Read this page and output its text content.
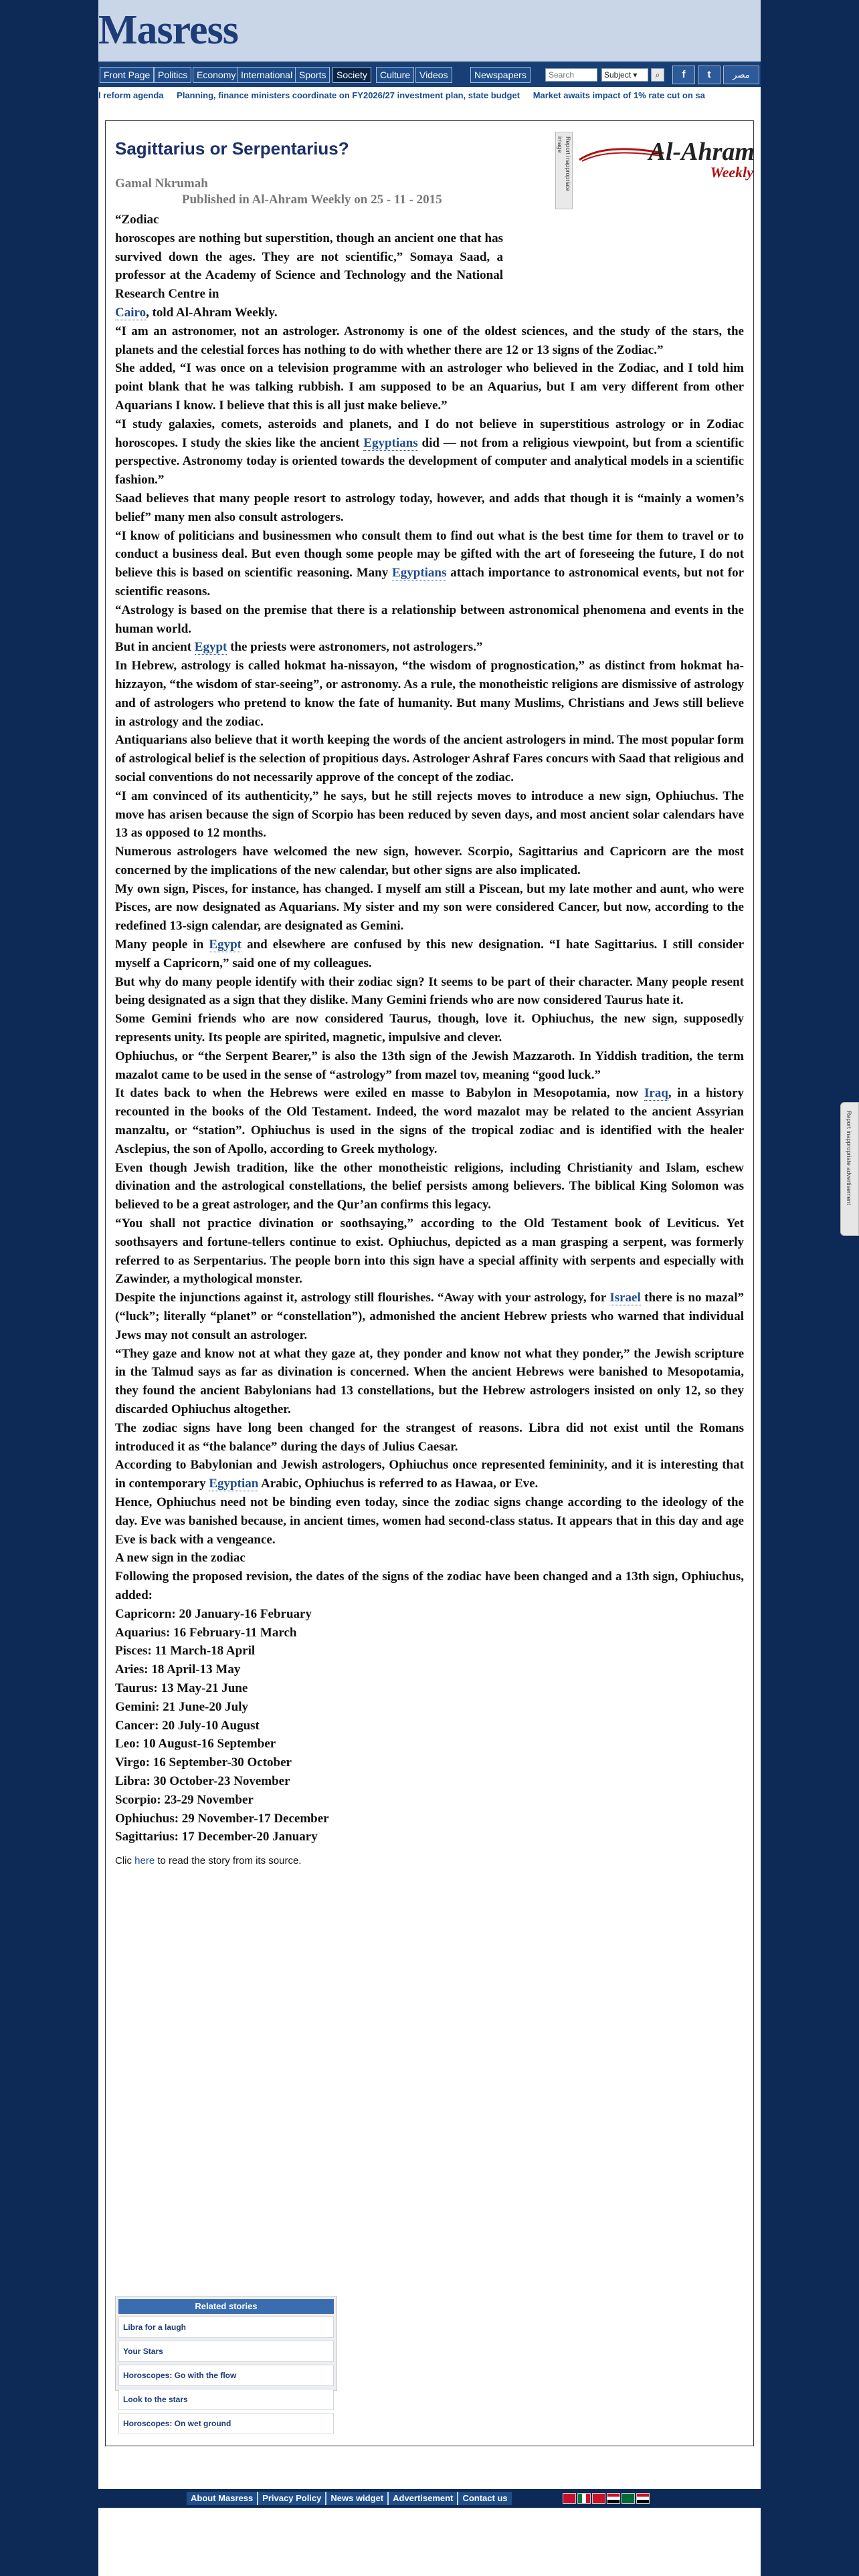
Masress
Front Page Politics Economy International Sports	Society	Culture Videos	Newspapers
Search	Subject ▾	⌕	f	t	مصر
l reform agenda Planning, finance ministers coordinate on FY2026/27 investment plan, state budget Market awaits impact of 1% rate cut on sa
Report inappropriate image	Al-Ahram
Weekly
Sagittarius or Serpentarius?
Gamal Nkrumah
Published in Al-Ahram Weekly on 25 - 11 - 2015

“Zodiac

horoscopes are nothing but superstition, though an ancient one that has survived down the ages. They are not scientific,” Somaya Saad, a professor at the Academy of Science and Technology and the National Research Centre in

Cairo, told Al-Ahram Weekly.

“I am an astronomer, not an astrologer. Astronomy is one of the oldest sciences, and the study of the stars, the planets and the celestial forces has nothing to do with whether there are 12 or 13 signs of the Zodiac.”

She added, “I was once on a television programme with an astrologer who believed in the Zodiac, and I told him point blank that he was talking rubbish. I am supposed to be an Aquarius, but I am very different from other Aquarians I know. I believe that this is all just make believe.”

“I study galaxies, comets, asteroids and planets, and I do not believe in superstitious astrology or in Zodiac horoscopes. I study the skies like the ancient Egyptians did — not from a religious viewpoint, but from a scientific perspective. Astronomy today is oriented towards the development of computer and analytical models in a scientific fashion.”

Saad believes that many people resort to astrology today, however, and adds that though it is “mainly a women’s belief” many men also consult astrologers.

“I know of politicians and businessmen who consult them to find out what is the best time for them to travel or to conduct a business deal. But even though some people may be gifted with the art of foreseeing the future, I do not believe this is based on scientific reasoning. Many Egyptians attach importance to astronomical events, but not for scientific reasons.

“Astrology is based on the premise that there is a relationship between astronomical phenomena and events in the human world.

But in ancient Egypt the priests were astronomers, not astrologers.”

In Hebrew, astrology is called hokmat ha-nissayon, “the wisdom of prognostication,” as distinct from hokmat ha-hizzayon, “the wisdom of star-seeing”, or astronomy. As a rule, the monotheistic religions are dismissive of astrology and of astrologers who pretend to know the fate of humanity. But many Muslims, Christians and Jews still believe in astrology and the zodiac.

Antiquarians also believe that it worth keeping the words of the ancient astrologers in mind. The most popular form of astrological belief is the selection of propitious days. Astrologer Ashraf Fares concurs with Saad that religious and social conventions do not necessarily approve of the concept of the zodiac.

“I am convinced of its authenticity,” he says, but he still rejects moves to introduce a new sign, Ophiuchus. The move has arisen because the sign of Scorpio has been reduced by seven days, and most ancient solar calendars have 13 as opposed to 12 months.

Numerous astrologers have welcomed the new sign, however. Scorpio, Sagittarius and Capricorn are the most concerned by the implications of the new calendar, but other signs are also implicated.

My own sign, Pisces, for instance, has changed. I myself am still a Piscean, but my late mother and aunt, who were Pisces, are now designated as Aquarians. My sister and my son were considered Cancer, but now, according to the redefined 13-sign calendar, are designated as Gemini.

Many people in Egypt and elsewhere are confused by this new designation. “I hate Sagittarius. I still consider myself a Capricorn,” said one of my colleagues.

But why do many people identify with their zodiac sign? It seems to be part of their character. Many people resent being designated as a sign that they dislike. Many Gemini friends who are now considered Taurus hate it.

Some Gemini friends who are now considered Taurus, though, love it. Ophiuchus, the new sign, supposedly represents unity. Its people are spirited, magnetic, impulsive and clever.

Ophiuchus, or “the Serpent Bearer,” is also the 13th sign of the Jewish Mazzaroth. In Yiddish tradition, the term mazalot came to be used in the sense of “astrology” from mazel tov, meaning “good luck.”

It dates back to when the Hebrews were exiled en masse to Babylon in Mesopotamia, now Iraq, in a history recounted in the books of the Old Testament. Indeed, the word mazalot may be related to the ancient Assyrian manzaltu, or “station”. Ophiuchus is used in the signs of the tropical zodiac and is identified with the healer Asclepius, the son of Apollo, according to Greek mythology.

Even though Jewish tradition, like the other monotheistic religions, including Christianity and Islam, eschew divination and the astrological constellations, the belief persists among believers. The biblical King Solomon was believed to be a great astrologer, and the Qur’an confirms this legacy.

“You shall not practice divination or soothsaying,” according to the Old Testament book of Leviticus. Yet soothsayers and fortune-tellers continue to exist. Ophiuchus, depicted as a man grasping a serpent, was formerly referred to as Serpentarius. The people born into this sign have a special affinity with serpents and especially with Zawinder, a mythological monster.

Despite the injunctions against it, astrology still flourishes. “Away with your astrology, for Israel there is no mazal” (“luck”; literally “planet” or “constellation”), admonished the ancient Hebrew priests who warned that individual Jews may not consult an astrologer.

“They gaze and know not at what they gaze at, they ponder and know not what they ponder,” the Jewish scripture in the Talmud says as far as divination is concerned. When the ancient Hebrews were banished to Mesopotamia, they found the ancient Babylonians had 13 constellations, but the Hebrew astrologers insisted on only 12, so they discarded Ophiuchus altogether.

The zodiac signs have long been changed for the strangest of reasons. Libra did not exist until the Romans introduced it as “the balance” during the days of Julius Caesar.

According to Babylonian and Jewish astrologers, Ophiuchus once represented femininity, and it is interesting that in contemporary Egyptian Arabic, Ophiuchus is referred to as Hawaa, or Eve.

Hence, Ophiuchus need not be binding even today, since the zodiac signs change according to the ideology of the day. Eve was banished because, in ancient times, women had second-class status. It appears that in this day and age Eve is back with a vengeance.

A new sign in the zodiac

Following the proposed revision, the dates of the signs of the zodiac have been changed and a 13th sign, Ophiuchus, added:

Capricorn: 20 January-16 February

Aquarius: 16 February-11 March

Pisces: 11 March-18 April

Aries: 18 April-13 May

Taurus: 13 May-21 June

Gemini: 21 June-20 July

Cancer: 20 July-10 August

Leo: 10 August-16 September

Virgo: 16 September-30 October

Libra: 30 October-23 November

Scorpio: 23-29 November

Ophiuchus: 29 November-17 December

Sagittarius: 17 December-20 January

Clic here to read the story from its source.
Related stories
Libra for a laugh
Your Stars
Horoscopes: Go with the flow
Look to the stars
Horoscopes: On wet ground
About Masress Privacy Policy News widget Advertisement Contact us
Report inappropriate advertisement
